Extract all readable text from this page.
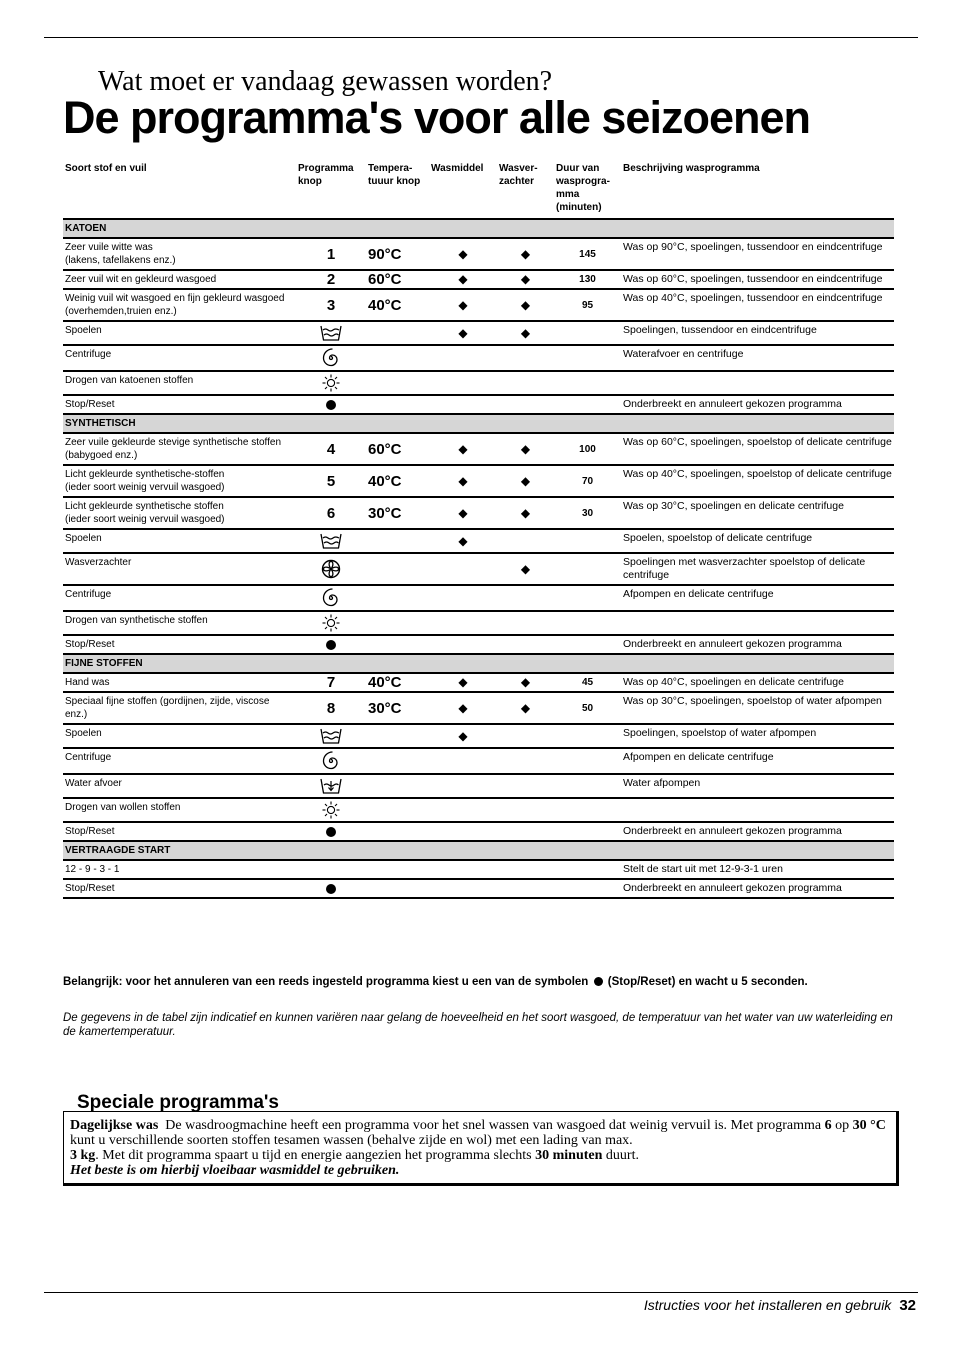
Wat moet er vandaag gewassen worden?
De programma's voor alle seizoenen
Soort stof en vuil	Programma knop	Tempera- tuuur knop	Wasmiddel	Wasver- zachter	Duur van wasprogra- mma (minuten)	Beschrijving wasprogramma
KATOEN						
Zeer vuile witte was
(lakens, tafellakens enz.)	1	90°C	◆	◆	145	Was op 90°C, spoelingen, tussendoor en eindcentrifuge
Zeer vuil wit en gekleurd wasgoed	2	60°C	◆	◆	130	Was op 60°C, spoelingen, tussendoor en eindcentrifuge
Weinig vuil wit wasgoed en fijn gekleurd wasgoed (overhemden,truien enz.)	3	40°C	◆	◆	95	Was op 40°C, spoelingen, tussendoor en eindcentrifuge
Spoelen			◆	◆		Spoelingen, tussendoor en eindcentrifuge
Centrifuge						Waterafvoer en centrifuge
Drogen van katoenen stoffen						
Stop/Reset						Onderbreekt en annuleert gekozen programma
SYNTHETISCH						
Zeer vuile gekleurde stevige synthetische stoffen (babygoed enz.)	4	60°C	◆	◆	100	Was op 60°C, spoelingen, spoelstop of delicate centrifuge
Licht gekleurde synthetische-stoffen
(ieder soort weinig vervuil wasgoed)	5	40°C	◆	◆	70	Was op 40°C, spoelingen, spoelstop of delicate centrifuge
Licht gekleurde synthetische stoffen
(ieder soort weinig vervuil wasgoed)	6	30°C	◆	◆	30	Was op 30°C, spoelingen en delicate centrifuge
Spoelen			◆			Spoelen, spoelstop of delicate centrifuge
Wasverzachter				◆		Spoelingen met wasverzachter spoelstop of delicate centrifuge
Centrifuge						Afpompen en delicate centrifuge
Drogen van synthetische stoffen						
Stop/Reset						Onderbreekt en annuleert gekozen programma
FIJNE STOFFEN						
Hand was	7	40°C	◆	◆	45	Was op 40°C, spoelingen en delicate centrifuge
Speciaal fijne stoffen (gordijnen, zijde, viscose enz.)	8	30°C	◆	◆	50	Was op 30°C, spoelingen, spoelstop of water afpompen
Spoelen			◆			Spoelingen, spoelstop of water afpompen
Centrifuge						Afpompen en delicate centrifuge
Water afvoer						Water afpompen
Drogen van wollen stoffen						
Stop/Reset						Onderbreekt en annuleert gekozen programma
VERTRAAGDE START						
12 - 9 - 3 - 1						Stelt de start uit met 12-9-3-1 uren
Stop/Reset						Onderbreekt en annuleert gekozen programma
Belangrijk: voor het annuleren van een reeds ingesteld programma kiest u een van de symbolen (Stop/Reset) en wacht u 5 seconden.
De gegevens in de tabel zijn indicatief en kunnen variëren naar gelang de hoeveelheid en het soort wasgoed, de temperatuur van het water van uw waterleiding en de kamertemperatuur.
Speciale programma's
Dagelijkse was De wasdroogmachine heeft een programma voor het snel wassen van wasgoed dat weinig vervuil is. Met programma 6 op 30 °C kunt u verschillende soorten stoffen tesamen wassen (behalve zijde en wol) met een lading van max.
3 kg. Met dit programma spaart u tijd en energie aangezien het programma slechts 30 minuten duurt.
Het beste is om hierbij vloeibaar wasmiddel te gebruiken.
Istructies voor het installeren en gebruik 32
